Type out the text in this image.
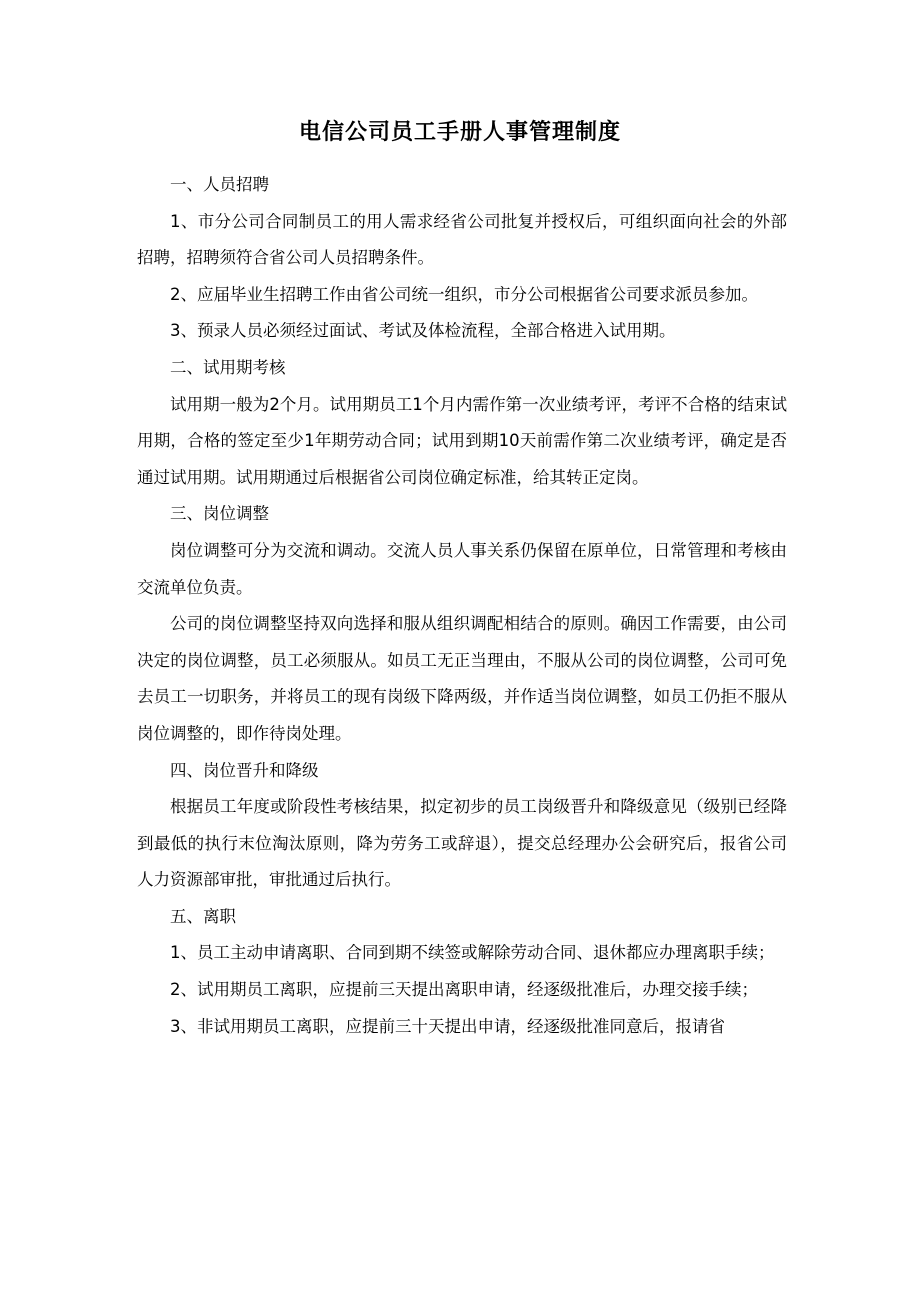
电信公司员工手册人事管理制度

一、人员招聘

1、市分公司合同制员工的用人需求经省公司批复并授权后，可组织面向社会的外部招聘，招聘须符合省公司人员招聘条件。

2、应届毕业生招聘工作由省公司统一组织，市分公司根据省公司要求派员参加。

3、预录人员必须经过面试、考试及体检流程，全部合格进入试用期。

二、试用期考核

试用期一般为2个月。试用期员工1个月内需作第一次业绩考评，考评不合格的结束试用期，合格的签定至少1年期劳动合同；试用到期10天前需作第二次业绩考评，确定是否通过试用期。试用期通过后根据省公司岗位确定标准，给其转正定岗。

三、岗位调整

岗位调整可分为交流和调动。交流人员人事关系仍保留在原单位，日常管理和考核由交流单位负责。

公司的岗位调整坚持双向选择和服从组织调配相结合的原则。确因工作需要，由公司决定的岗位调整，员工必须服从。如员工无正当理由，不服从公司的岗位调整，公司可免去员工一切职务，并将员工的现有岗级下降两级，并作适当岗位调整，如员工仍拒不服从岗位调整的，即作待岗处理。

四、岗位晋升和降级

根据员工年度或阶段性考核结果，拟定初步的员工岗级晋升和降级意见（级别已经降到最低的执行末位淘汰原则，降为劳务工或辞退），提交总经理办公会研究后，报省公司人力资源部审批，审批通过后执行。

五、离职

1、员工主动申请离职、合同到期不续签或解除劳动合同、退休都应办理离职手续；

2、试用期员工离职，应提前三天提出离职申请，经逐级批准后，办理交接手续；

3、非试用期员工离职，应提前三十天提出申请，经逐级批准同意后，报请省
